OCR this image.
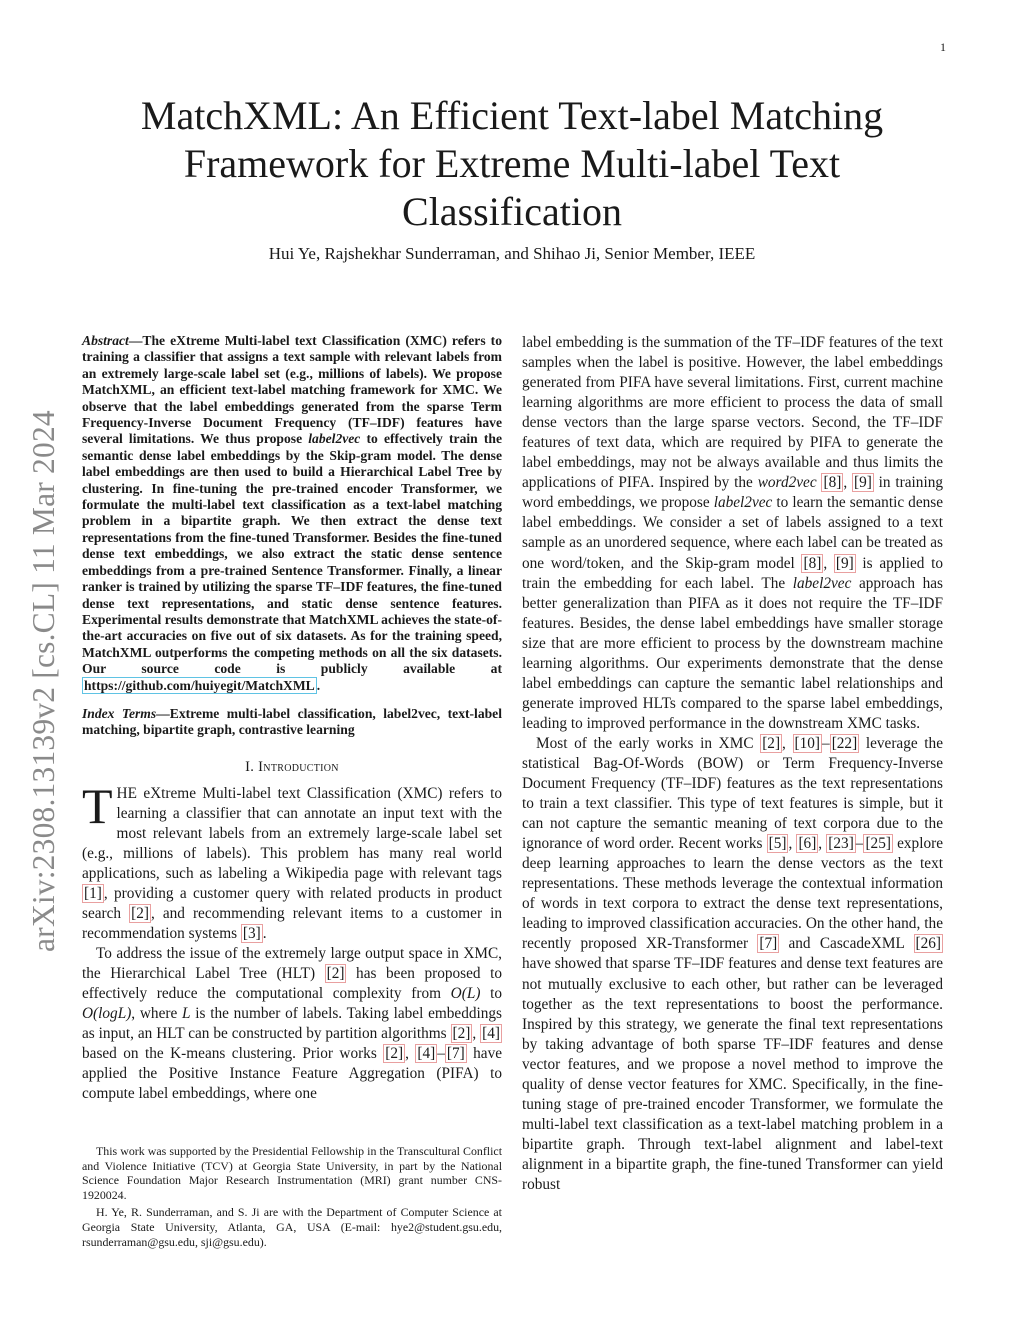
1
arXiv:2308.13139v2 [cs.CL] 11 Mar 2024
MatchXML: An Efficient Text-label Matching Framework for Extreme Multi-label Text Classification
Hui Ye, Rajshekhar Sunderraman, and Shihao Ji, Senior Member, IEEE

Abstract—The eXtreme Multi-label text Classification (XMC) refers to training a classifier that assigns a text sample with relevant labels from an extremely large-scale label set (e.g., millions of labels). We propose MatchXML, an efficient text-label matching framework for XMC. We observe that the label embeddings generated from the sparse Term Frequency-Inverse Document Frequency (TF–IDF) features have several limitations. We thus propose label2vec to effectively train the semantic dense label embeddings by the Skip-gram model. The dense label embeddings are then used to build a Hierarchical Label Tree by clustering. In fine-tuning the pre-trained encoder Transformer, we formulate the multi-label text classification as a text-label matching problem in a bipartite graph. We then extract the dense text representations from the fine-tuned Transformer. Besides the fine-tuned dense text embeddings, we also extract the static dense sentence embeddings from a pre-trained Sentence Transformer. Finally, a linear ranker is trained by utilizing the sparse TF–IDF features, the fine-tuned dense text representations, and static dense sentence features. Experimental results demonstrate that MatchXML achieves the state-of-the-art accuracies on five out of six datasets. As for the training speed, MatchXML outperforms the competing methods on all the six datasets. Our source code is publicly available at https://github.com/huiyegit/MatchXML .

Index Terms—Extreme multi-label classification, label2vec, text-label matching, bipartite graph, contrastive learning

I. Introduction

THE eXtreme Multi-label text Classification (XMC) refers to learning a classifier that can annotate an input text with the most relevant labels from an extremely large-scale label set (e.g., millions of labels). This problem has many real world applications, such as labeling a Wikipedia page with relevant tags [1] , providing a customer query with related products in product search [2] , and recommending relevant items to a customer in recommendation systems [3] .

To address the issue of the extremely large output space in XMC, the Hierarchical Label Tree (HLT) [2] has been proposed to effectively reduce the computational complexity from O(L) to O(logL), where L is the number of labels. Taking label embeddings as input, an HLT can be constructed by partition algorithms [2] , [4] based on the K-means clustering. Prior works [2] , [4] – [7] have applied the Positive Instance Feature Aggregation (PIFA) to compute label embeddings, where one

This work was supported by the Presidential Fellowship in the Transcultural Conflict and Violence Initiative (TCV) at Georgia State University, in part by the National Science Foundation Major Research Instrumentation (MRI) grant number CNS-1920024.

H. Ye, R. Sunderraman, and S. Ji are with the Department of Computer Science at Georgia State University, Atlanta, GA, USA (E-mail: hye2@student.gsu.edu, rsunderraman@gsu.edu, sji@gsu.edu).

label embedding is the summation of the TF–IDF features of the text samples when the label is positive. However, the label embeddings generated from PIFA have several limitations. First, current machine learning algorithms are more efficient to process the data of small dense vectors than the large sparse vectors. Second, the TF–IDF features of text data, which are required by PIFA to generate the label embeddings, may not be always available and thus limits the applications of PIFA. Inspired by the word2vec [8] , [9] in training word embeddings, we propose label2vec to learn the semantic dense label embeddings. We consider a set of labels assigned to a text sample as an unordered sequence, where each label can be treated as one word/token, and the Skip-gram model [8] , [9] is applied to train the embedding for each label. The label2vec approach has better generalization than PIFA as it does not require the TF–IDF features. Besides, the dense label embeddings have smaller storage size that are more efficient to process by the downstream machine learning algorithms. Our experiments demonstrate that the dense label embeddings can capture the semantic label relationships and generate improved HLTs compared to the sparse label embeddings, leading to improved performance in the downstream XMC tasks.

Most of the early works in XMC [2] , [10] – [22] leverage the statistical Bag-Of-Words (BOW) or Term Frequency-Inverse Document Frequency (TF–IDF) features as the text representations to train a text classifier. This type of text features is simple, but it can not capture the semantic meaning of text corpora due to the ignorance of word order. Recent works [5] , [6] , [23] – [25] explore deep learning approaches to learn the dense vectors as the text representations. These methods leverage the contextual information of words in text corpora to extract the dense text representations, leading to improved classification accuracies. On the other hand, the recently proposed XR-Transformer [7] and CascadeXML [26] have showed that sparse TF–IDF features and dense text features are not mutually exclusive to each other, but rather can be leveraged together as the text representations to boost the performance. Inspired by this strategy, we generate the final text representations by taking advantage of both sparse TF–IDF features and dense vector features, and we propose a novel method to improve the quality of dense vector features for XMC. Specifically, in the fine-tuning stage of pre-trained encoder Transformer, we formulate the multi-label text classification as a text-label matching problem in a bipartite graph. Through text-label alignment and label-text alignment in a bipartite graph, the fine-tuned Transformer can yield robust
